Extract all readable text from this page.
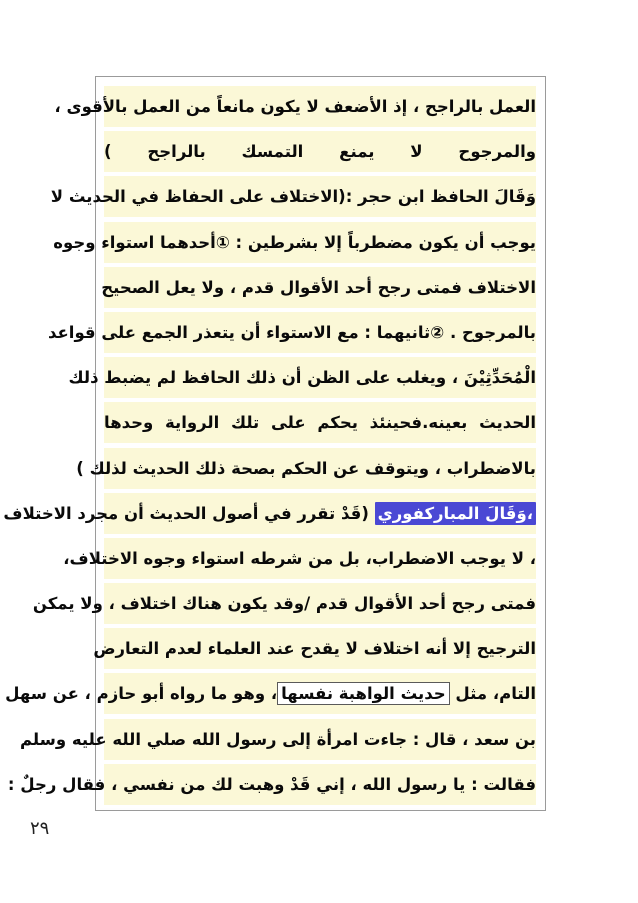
العمل بالراجح ، إذ الأضعف لا يكون مانعاً من العمل بالأقوى ،

والمرجوح لا يمنع التمسك بالراجح )

وَقَالَ الحافظ ابن حجر :(الاختلاف على الحفاظ في الحديث لا

يوجب أن يكون مضطرباً إلا بشرطين : ①أحدهما استواء وجوه

الاختلاف فمتى رجح أحد الأقوال قدم ، ولا يعل الصحيح

بالمرجوح . ②ثانيهما : مع الاستواء أن يتعذر الجمع على قواعد

الْمُحَدِّثِيْنَ ، ويغلب على الظن أن ذلك الحافظ لم يضبط ذلك

الحديث بعينه.فحينئذ يحكم على تلك الرواية وحدها

بالاضطراب ، ويتوقف عن الحكم بصحة ذلك الحديث لذلك )

،وَقَالَ المباركفوري (قَدْ تقرر في أصول الحديث أن مجرد الاختلاف

، لا يوجب الاضطراب، بل من شرطه استواء وجوه الاختلاف،

فمتى رجح أحد الأقوال قدم /وقد يكون هناك اختلاف ، ولا يمكن

الترجيح إلا أنه اختلاف لا يقدح عند العلماء لعدم التعارض

التام، مثل حديث الواهبة نفسها، وهو ما رواه أبو حازم ، عن سهل

بن سعد ، قال : جاءت امرأة إلى رسول الله صلي الله عليه وسلم

فقالت : يا رسول الله ، إني قَدْ وهبت لك من نفسي ، فقال رجلٌ :

٢٩
